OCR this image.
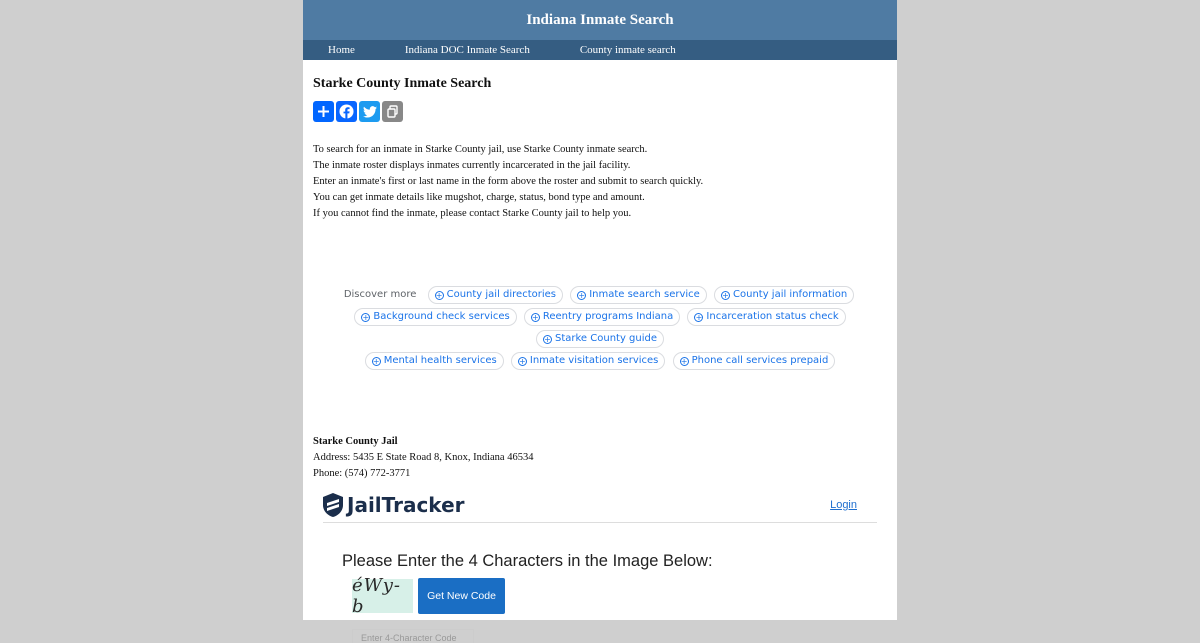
Indiana Inmate Search
Home	Indiana DOC Inmate Search	County inmate search
Starke County Inmate Search
To search for an inmate in Starke County jail, use Starke County inmate search.
The inmate roster displays inmates currently incarcerated in the jail facility.
Enter an inmate's first or last name in the form above the roster and submit to search quickly.
You can get inmate details like mugshot, charge, status, bond type and amount.
If you cannot find the inmate, please contact Starke County jail to help you.
Discover more + County jail directories	+ Inmate search service	+ County jail information
+ Background check services	+ Reentry programs Indiana	+ Incarceration status check + Starke County guide
+ Mental health services	+ Inmate visitation services	+ Phone call services prepaid
Starke County Jail
Address: 5435 E State Road 8, Knox, Indiana 46534
Phone: (574) 772-3771
JailTracker	Login
Please Enter the 4 Characters in the Image Below:
éWy-b	Get New Code
Enter 4-Character Code
